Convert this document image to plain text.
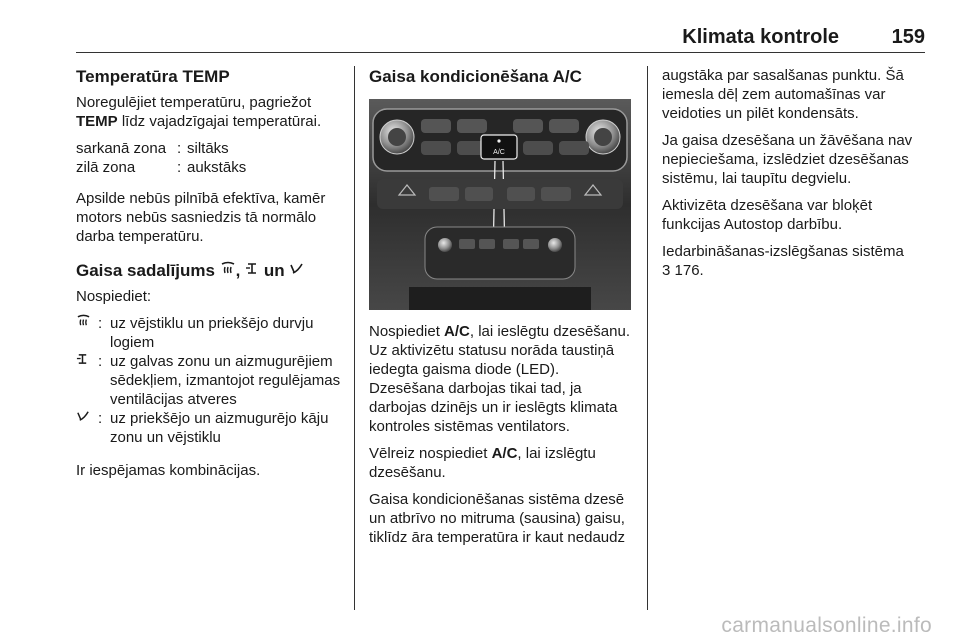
Klimata kontrole	159
Temperatūra TEMP

Noregulējiet temperatūru, pagriežot TEMP līdz vajadzīgajai temperatūrai.

sarkanā zona : siltāks
zilā zona	: aukstāks

Apsilde nebūs pilnībā efektīva, kamēr motors nebūs sasniedzis tā normālo darba temperatūru.

Gaisa sadalījums , un

Nospiediet:

: uz vējstiklu un priekšējo durvju logiem
: uz galvas zonu un aizmugurējiem sēdekļiem, izmantojot regulējamas ventilācijas atveres
: uz priekšējo un aizmugurējo kāju zonu un vējstiklu

Ir iespējamas kombinācijas.

Gaisa kondicionēšana A/C
A/C

Nospiediet A/C, lai ieslēgtu dzesēšanu. Uz aktivizētu statusu norāda taustiņā iedegta gaisma diode (LED). Dzesēšana darbojas tikai tad, ja darbojas dzinējs un ir ieslēgts klimata kontroles sistēmas ventilators.

Vēlreiz nospiediet A/C, lai izslēgtu dzesēšanu.

Gaisa kondicionēšanas sistēma dzesē un atbrīvo no mitruma (sausina) gaisu, tiklīdz āra temperatūra ir kaut nedaudz

augstāka par sasalšanas punktu. Šā iemesla dēļ zem automašīnas var veidoties un pilēt kondensāts.

Ja gaisa dzesēšana un žāvēšana nav nepieciešama, izslēdziet dzesēšanas sistēmu, lai taupītu degvielu.

Aktivizēta dzesēšana var bloķēt funkcijas Autostop darbību.

Iedarbināšanas-izslēgšanas sistēma
3 176.

carmanualsonline.info
